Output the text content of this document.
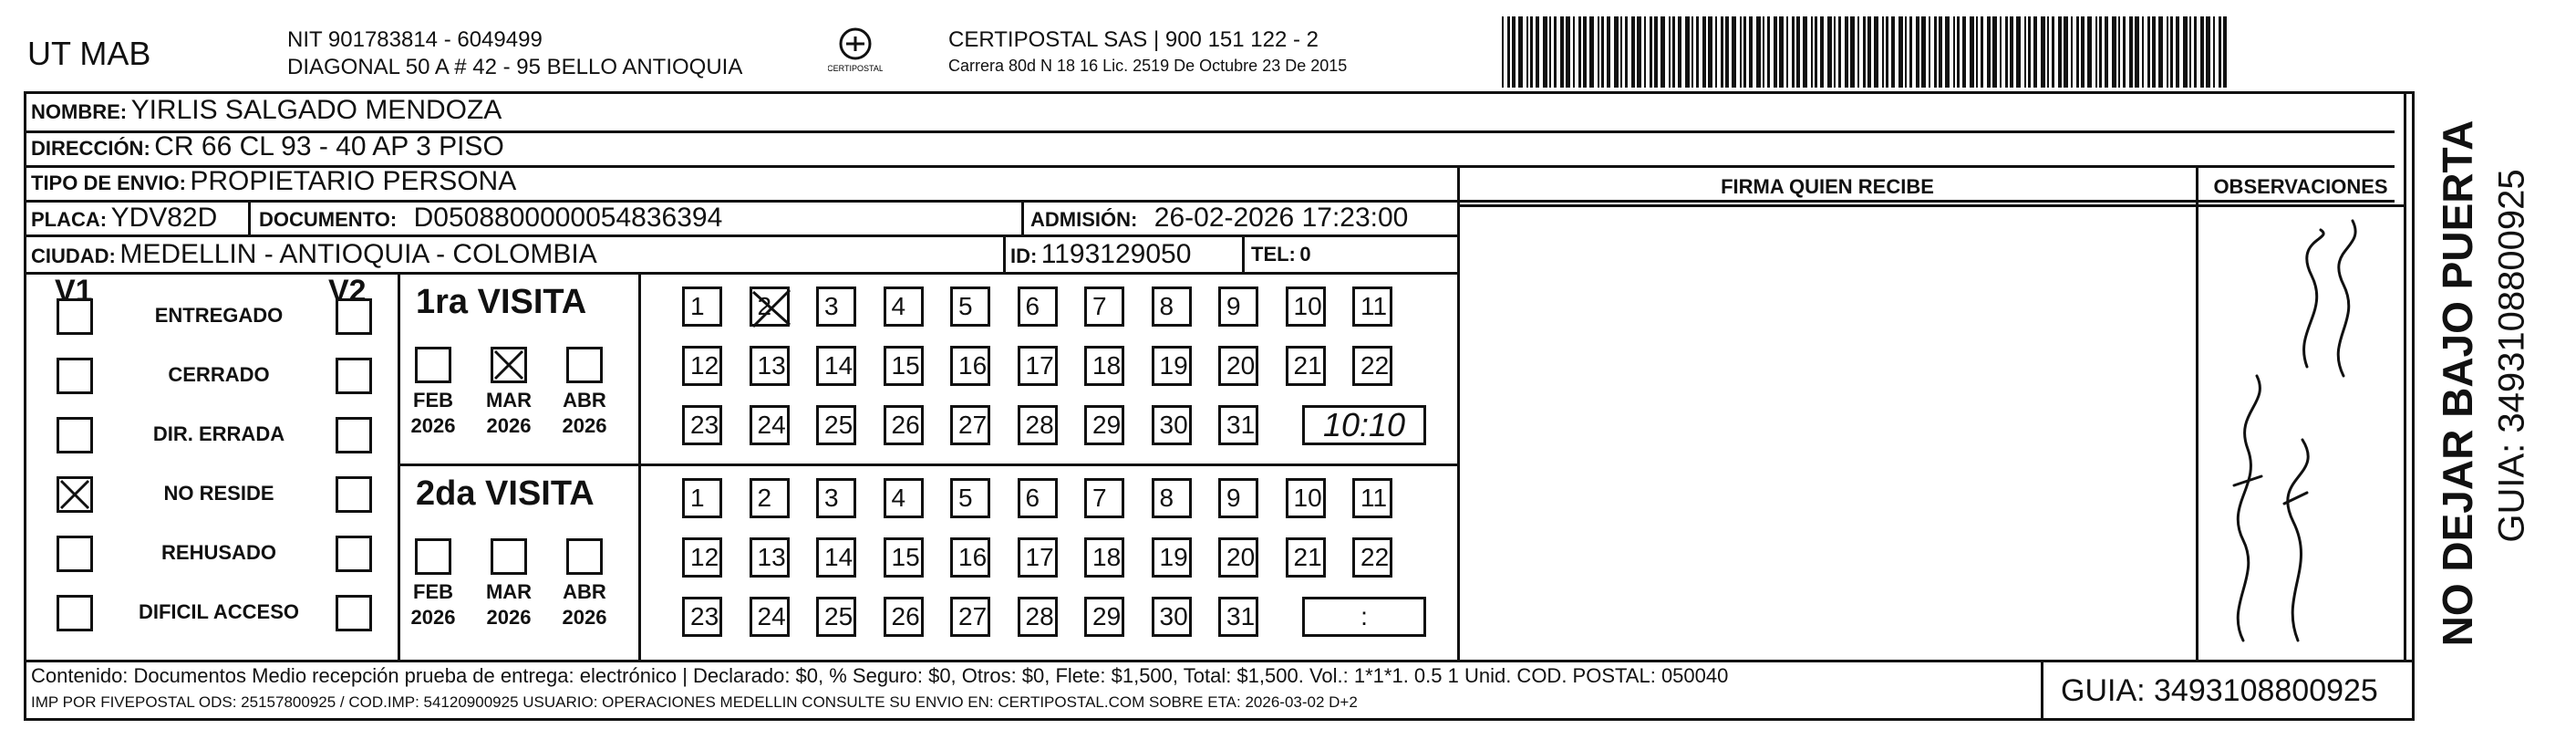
UT MAB	NIT 901783814 - 6049499
DIAGONAL 50 A # 42 - 95 BELLO ANTIOQUIA	CERTIPOSTAL
CERTIPOSTAL SAS | 900 151 122 - 2
Carrera 80d N 18 16 Lic. 2519 De Octubre 23 De 2015
NOMBRE: YIRLIS SALGADO MENDOZA
DIRECCIÓN: CR 66 CL 93 - 40 AP 3 PISO
TIPO DE ENVIO: PROPIETARIO PERSONA
PLACA: YDV82D DOCUMENTO: D0508800000054836394	ADMISIÓN: 26-02-2026 17:23:00
CIUDAD: MEDELLIN - ANTIOQUIA - COLOMBIA	ID: 1193129050	TEL: 0
FIRMA QUIEN RECIBE	OBSERVACIONES
V1	V2
ENTREGADO
CERRADO
DIR. ERRADA
NO RESIDE
REHUSADO
DIFICIL ACCESO
1ra VISITA
FEB
2026
MAR
2026
ABR
2026
1	2	3	4	5	6	7	8	9	10	11
12	13	14	15	16	17	18	19	20	21	22
23	24	25	26	27	28	29	30	31	10:10
2da VISITA
FEB
2026
MAR
2026
ABR
2026
1	2	3	4	5	6	7	8	9	10	11
12	13	14	15	16	17	18	19	20	21	22
23	24	25	26	27	28	29	30	31	:
Contenido: Documentos Medio recepción prueba de entrega: electrónico | Declarado: $0, % Seguro: $0, Otros: $0, Flete: $1,500, Total: $1,500. Vol.: 1*1*1. 0.5 1 Unid. COD. POSTAL: 050040
IMP POR FIVEPOSTAL ODS: 25157800925 / COD.IMP: 54120900925 USUARIO: OPERACIONES MEDELLIN CONSULTE SU ENVIO EN: CERTIPOSTAL.COM SOBRE ETA: 2026-03-02 D+2	GUIA: 3493108800925
NO DEJAR BAJO PUERTA GUIA: 3493108800925
